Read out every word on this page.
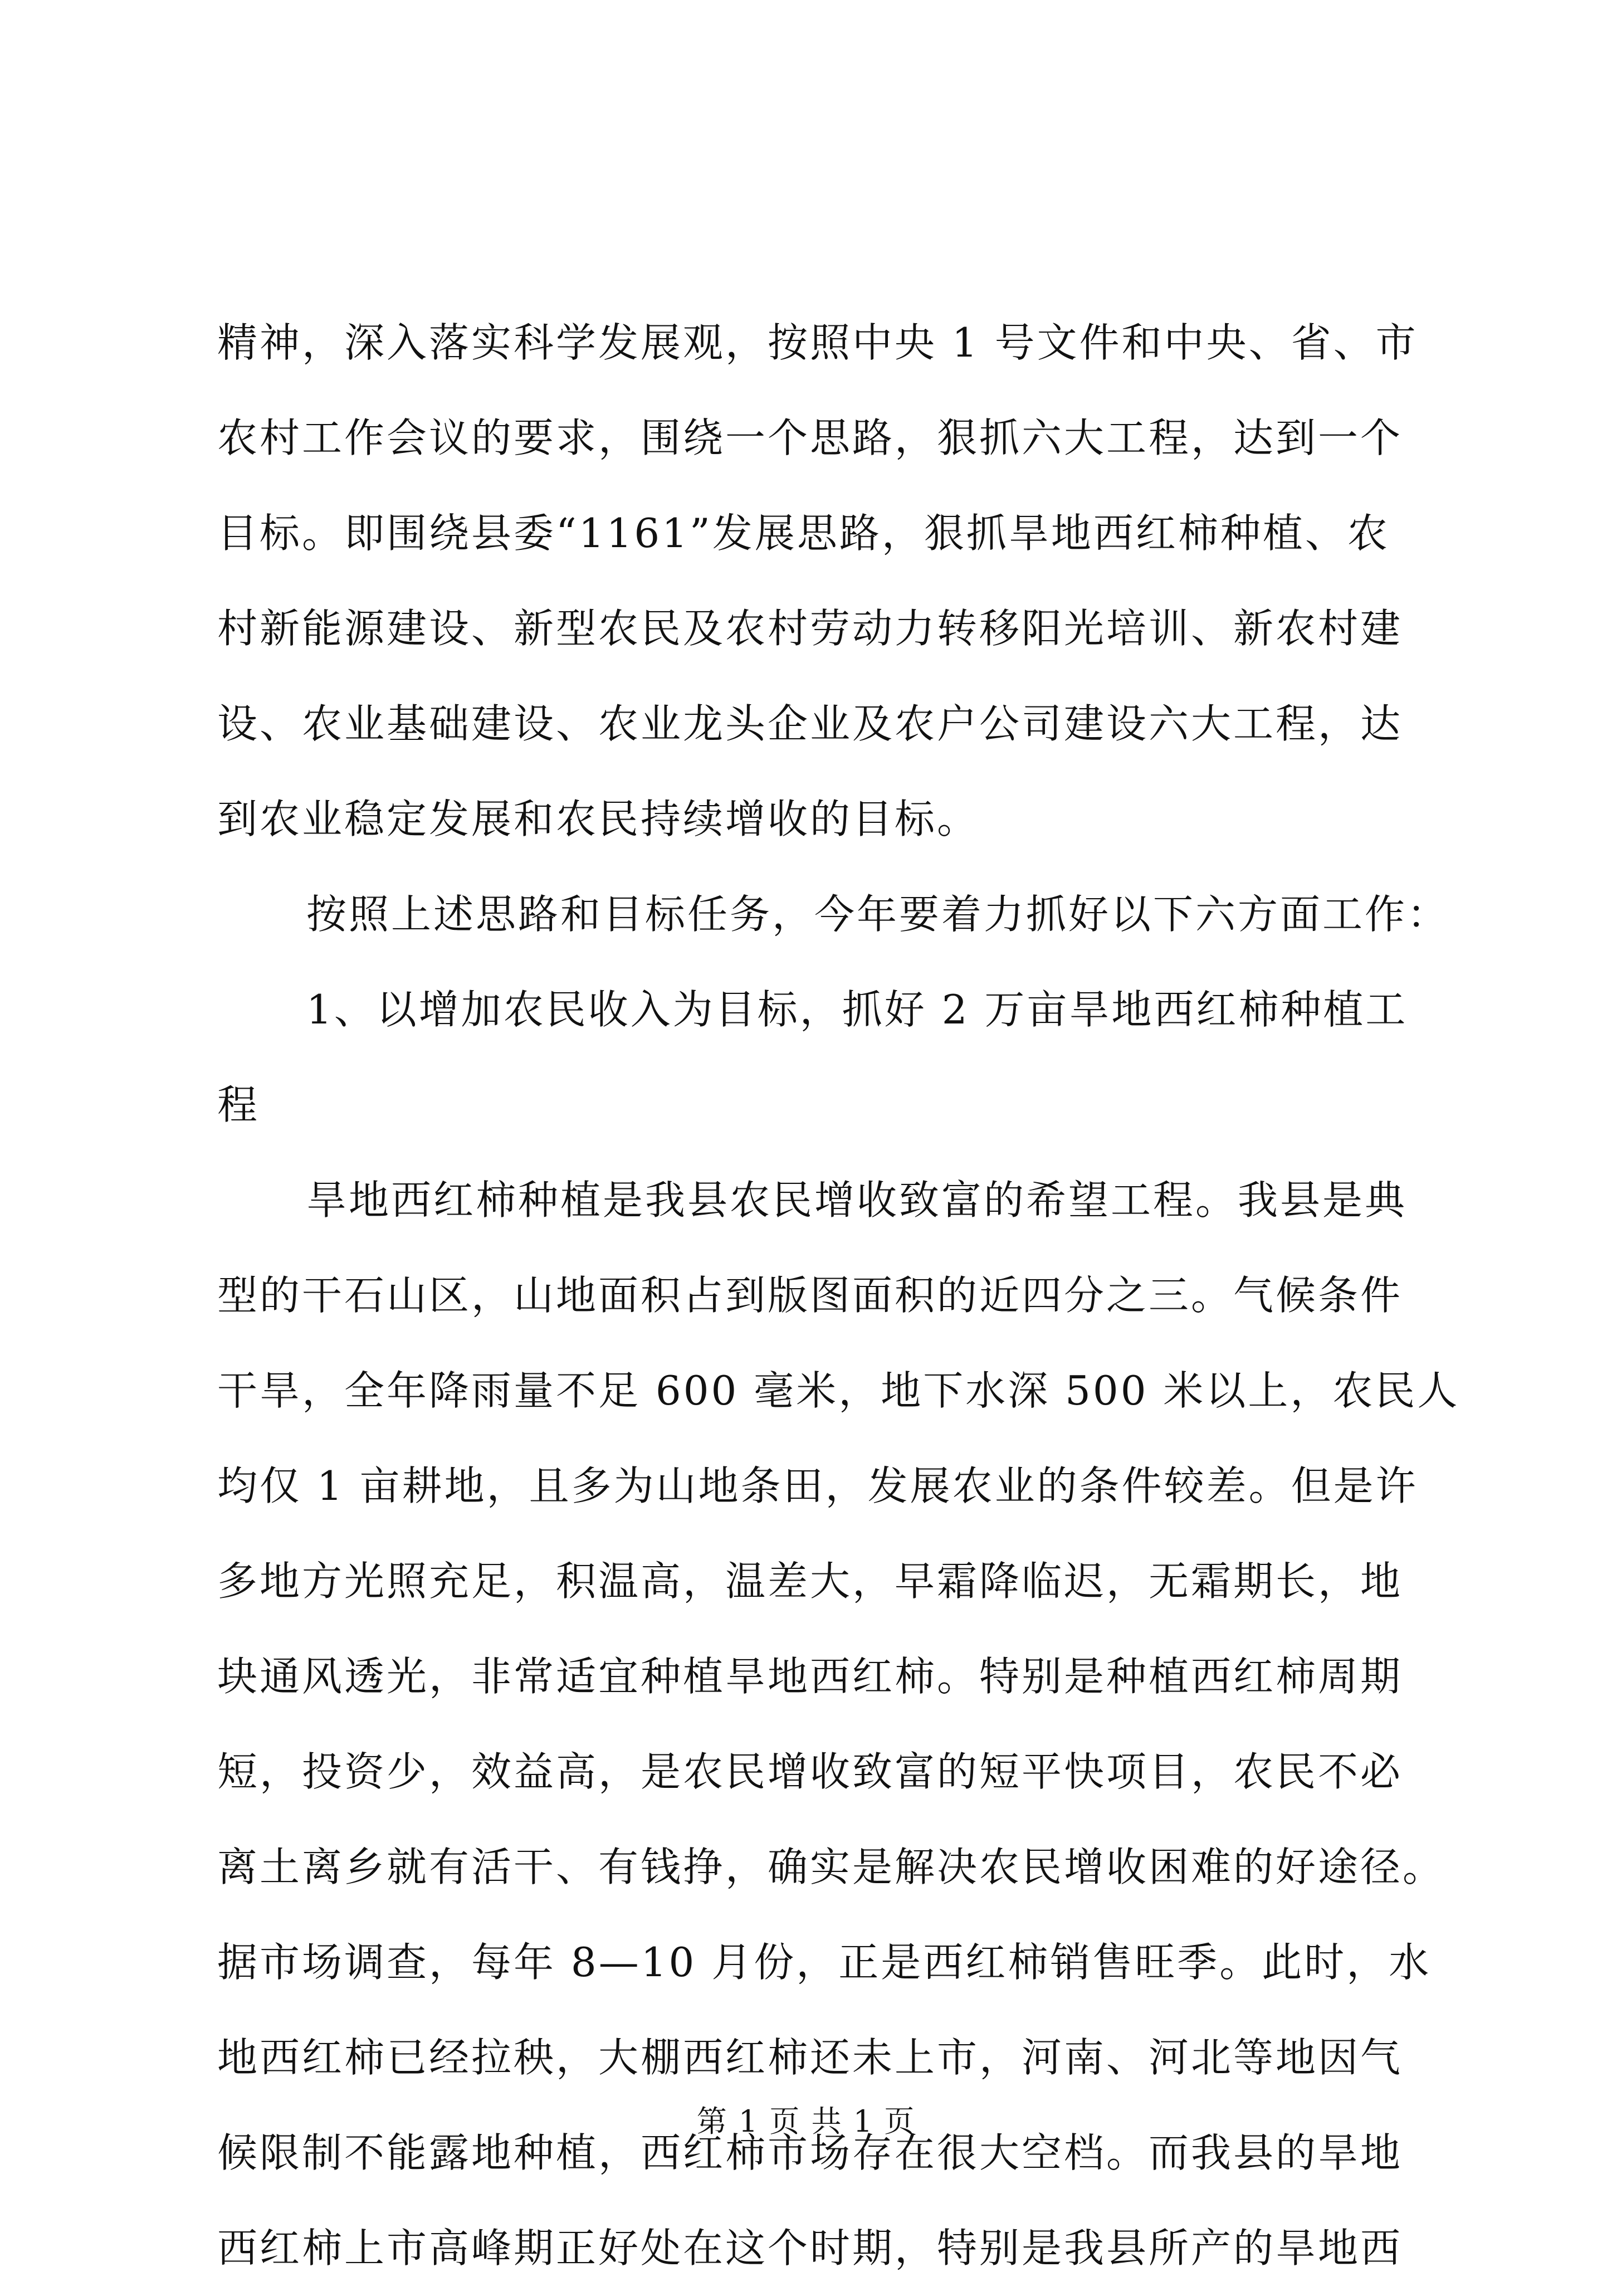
精神，深入落实科学发展观，按照中央 1 号文件和中央、省、市
农村工作会议的要求，围绕一个思路，狠抓六大工程，达到一个
目标。即围绕县委“1161”发展思路，狠抓旱地西红柿种植、农
村新能源建设、新型农民及农村劳动力转移阳光培训、新农村建
设、农业基础建设、农业龙头企业及农户公司建设六大工程，达
到农业稳定发展和农民持续增收的目标。
按照上述思路和目标任务，今年要着力抓好以下六方面工作：
1、以增加农民收入为目标，抓好 2 万亩旱地西红柿种植工
程
旱地西红柿种植是我县农民增收致富的希望工程。我县是典
型的干石山区，山地面积占到版图面积的近四分之三。气候条件
干旱，全年降雨量不足 600 毫米，地下水深 500 米以上，农民人
均仅 1 亩耕地，且多为山地条田，发展农业的条件较差。但是许
多地方光照充足，积温高，温差大，早霜降临迟，无霜期长，地
块通风透光，非常适宜种植旱地西红柿。特别是种植西红柿周期
短，投资少，效益高，是农民增收致富的短平快项目，农民不必
离土离乡就有活干、有钱挣，确实是解决农民增收困难的好途径。
据市场调查，每年 8—10 月份，正是西红柿销售旺季。此时，水
地西红柿已经拉秧，大棚西红柿还未上市，河南、河北等地因气
候限制不能露地种植，西红柿市场存在很大空档。而我县的旱地
西红柿上市高峰期正好处在这个时期，特别是我县所产的旱地西
第 1 页 共 1 页
